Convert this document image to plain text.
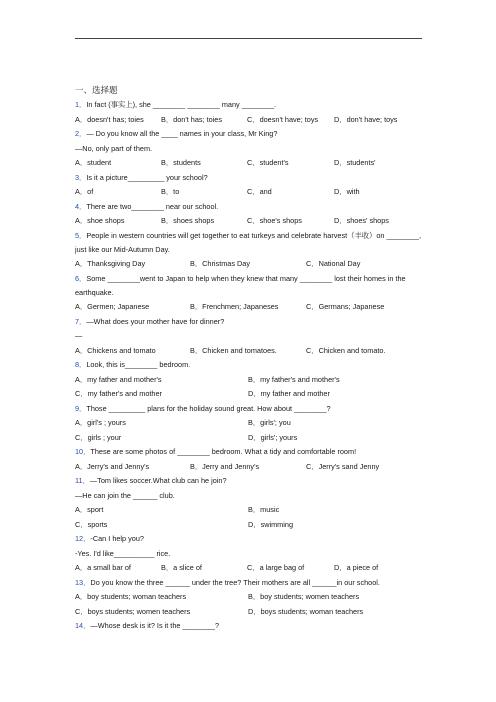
一、选择题
1．In fact (事实上), she ________ ________ many ________.
A．doesn't has; toies	B．don't has; toies	C．doesn't have; toys	D．don't have; toys
2．— Do you know all the ____ names in your class, Mr King?
—No, only part of them.
A．student	B．students	C．student's	D．students'
3．Is it a picture_________ your school?
A．of	B．to	C．and	D．with
4．There are two________ near our school.
A．shoe shops	B．shoes shops	C．shoe's shops	D．shoes' shops
5．People in western countries will get together to eat turkeys and celebrate harvest（丰收）on ________, just like our Mid-Autumn Day.
A．Thanksgiving Day	B．Christmas Day	C．National Day
6．Some ________went to Japan to help when they knew that many ________ lost their homes in the earthquake.
A．Germen; Japanese	B．Frenchmen; Japaneses	C．Germans; Japanese
7．—What does your mother have for dinner?
—
A．Chickens and tomato	B．Chicken and tomatoes.	C．Chicken and tomato.
8．Look, this is________ bedroom.
A．my father and mother's	B．my father's and mother's
C．my father's and mother	D．my father and mother
9．Those _________ plans for the holiday sound great. How about ________?
A．girl's ; yours	B．girls'; you
C．girls ; your	D．girls'; yours
10．These are some photos of ________ bedroom. What a tidy and comfortable room!
A．Jerry's and Jenny's	B．Jerry and Jenny's	C．Jerry's sand Jenny
11．—Tom likes soccer.What club can he join?
—He can join the ______ club.
A．sport	B．music
C．sports	D．swimming
12．-Can I help you?
-Yes. I'd like__________ rice.
A．a small bar of	B．a slice of	C．a large bag of	D．a piece of
13．Do you know the three ______ under the tree? Their mothers are all ______in our school.
A．boy students; woman teachers	B．boy students; women teachers
C．boys students; women teachers	D．boys students; woman teachers
14．—Whose desk is it? Is it the ________?
